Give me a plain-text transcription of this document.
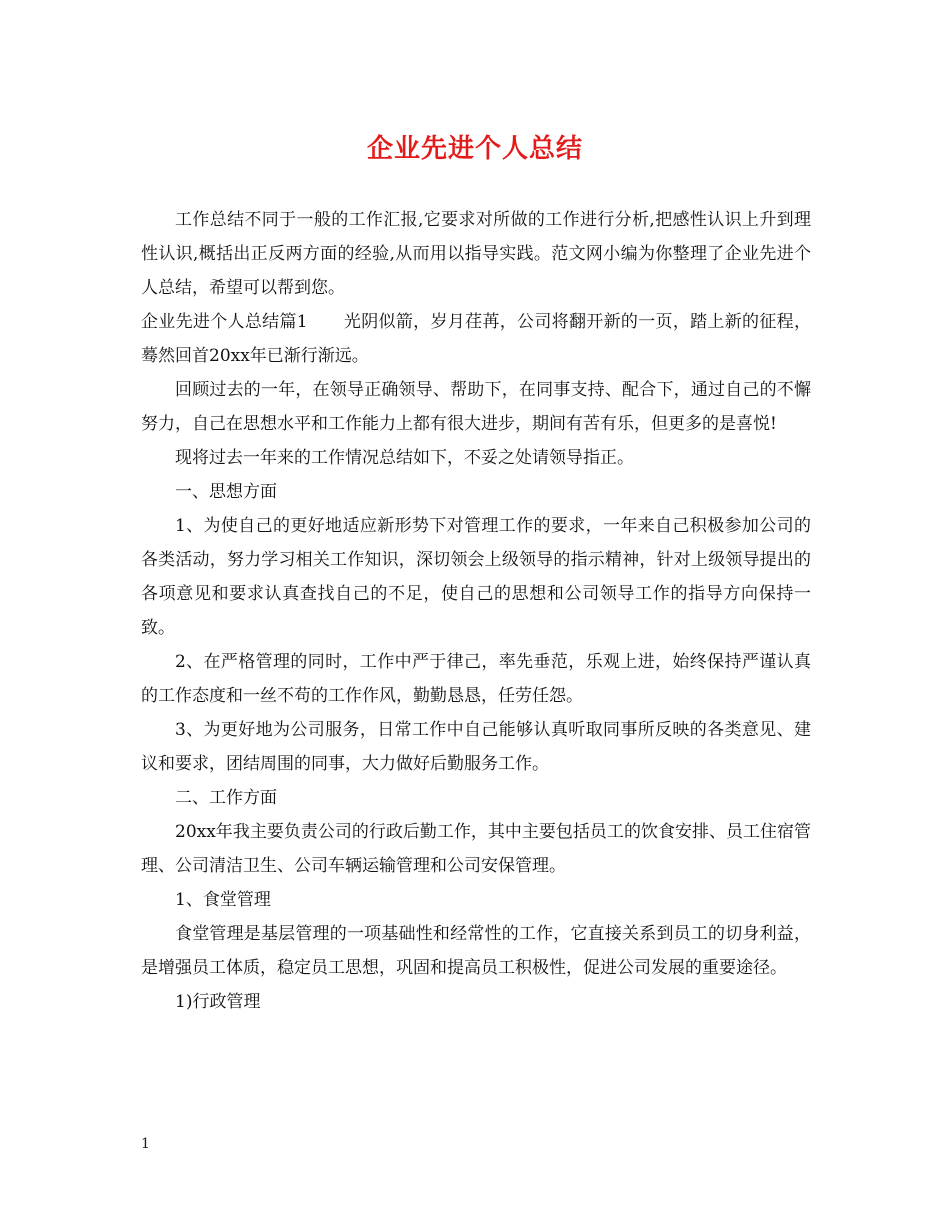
企业先进个人总结

工作总结不同于一般的工作汇报,它要求对所做的工作进行分析,把感性认识上升到理性认识,概括出正反两方面的经验,从而用以指导实践。范文网小编为你整理了企业先进个人总结，希望可以帮到您。

企业先进个人总结篇1 光阴似箭，岁月荏苒，公司将翻开新的一页，踏上新的征程，蓦然回首20xx年已渐行渐远。

回顾过去的一年，在领导正确领导、帮助下，在同事支持、配合下，通过自己的不懈努力，自己在思想水平和工作能力上都有很大进步，期间有苦有乐，但更多的是喜悦!

现将过去一年来的工作情况总结如下，不妥之处请领导指正。

一、思想方面

1、为使自己的更好地适应新形势下对管理工作的要求，一年来自己积极参加公司的各类活动，努力学习相关工作知识，深切领会上级领导的指示精神，针对上级领导提出的各项意见和要求认真查找自己的不足，使自己的思想和公司领导工作的指导方向保持一致。

2、在严格管理的同时，工作中严于律己，率先垂范，乐观上进，始终保持严谨认真的工作态度和一丝不苟的工作作风，勤勤恳恳，任劳任怨。

3、为更好地为公司服务，日常工作中自己能够认真听取同事所反映的各类意见、建议和要求，团结周围的同事，大力做好后勤服务工作。

二、工作方面

20xx年我主要负责公司的行政后勤工作，其中主要包括员工的饮食安排、员工住宿管理、公司清洁卫生、公司车辆运输管理和公司安保管理。

1、食堂管理

食堂管理是基层管理的一项基础性和经常性的工作，它直接关系到员工的切身利益，是增强员工体质，稳定员工思想，巩固和提高员工积极性，促进公司发展的重要途径。

1)行政管理

1
